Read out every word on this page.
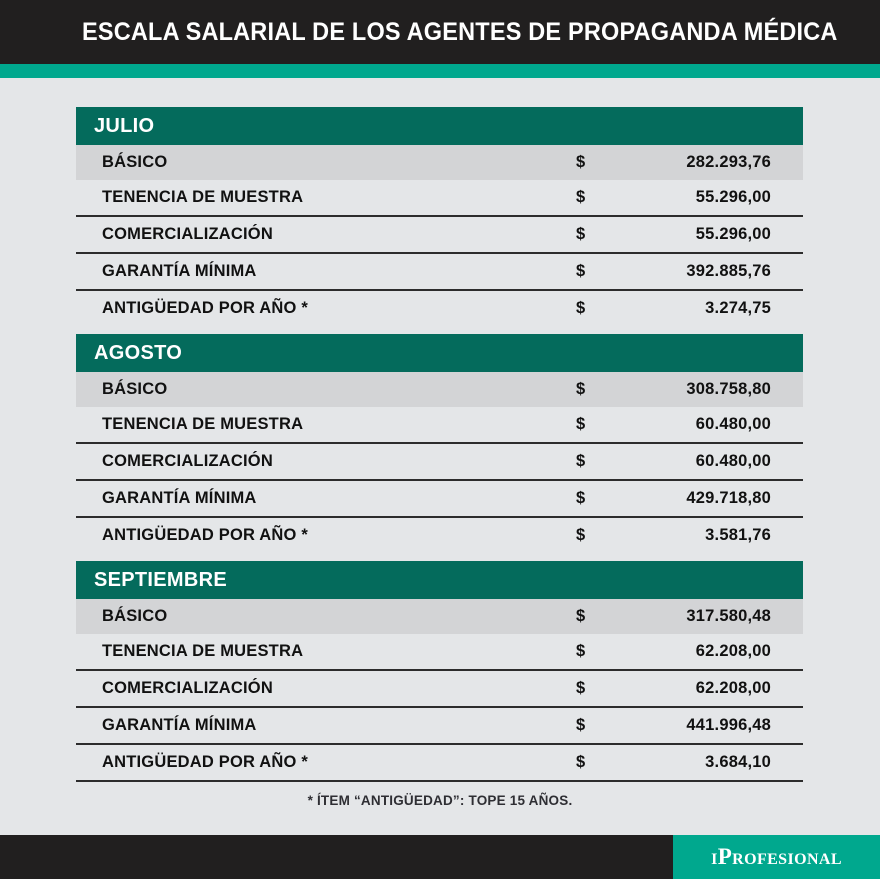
ESCALA SALARIAL DE LOS AGENTES DE PROPAGANDA MÉDICA
JULIO
BÁSICO	$	282.293,76
TENENCIA DE MUESTRA	$	55.296,00
COMERCIALIZACIÓN	$	55.296,00
GARANTÍA MÍNIMA	$	392.885,76
ANTIGÜEDAD POR AÑO *	$	3.274,75
AGOSTO
BÁSICO	$	308.758,80
TENENCIA DE MUESTRA	$	60.480,00
COMERCIALIZACIÓN	$	60.480,00
GARANTÍA MÍNIMA	$	429.718,80
ANTIGÜEDAD POR AÑO *	$	3.581,76
SEPTIEMBRE
BÁSICO	$	317.580,48
TENENCIA DE MUESTRA	$	62.208,00
COMERCIALIZACIÓN	$	62.208,00
GARANTÍA MÍNIMA	$	441.996,48
ANTIGÜEDAD POR AÑO *	$	3.684,10
* ÍTEM “ANTIGÜEDAD”: TOPE 15 AÑOS.
iProfesional
